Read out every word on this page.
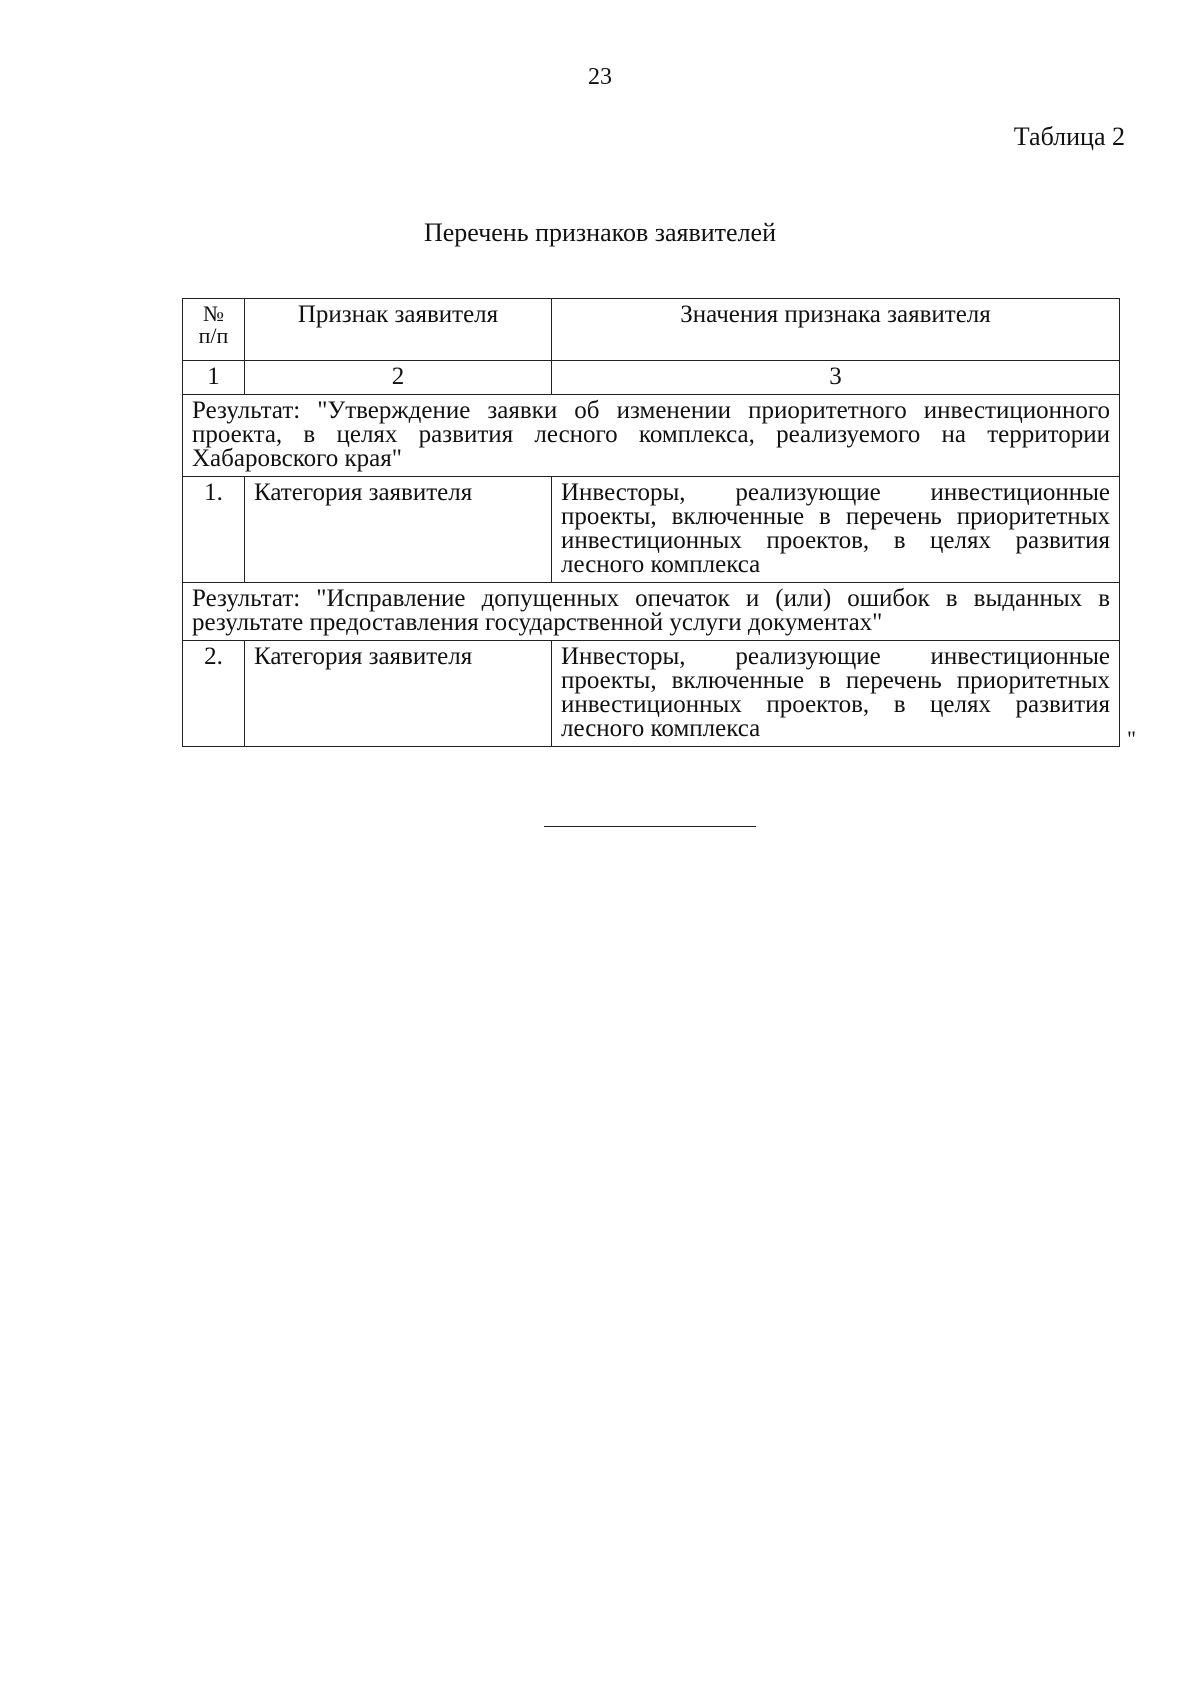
23
Таблица 2
Перечень признаков заявителей
№ п/п	Признак заявителя	Значения признака заявителя
1	2	3
Результат: "Утверждение заявки об изменении приоритетного инвестиционного проекта, в целях развития лесного комплекса, реализуемого на территории Хабаровского края"		
1.	Категория заявителя	Инвесторы, реализующие инвестиционные проекты, включенные в перечень приоритетных инвестиционных проектов, в целях развития лесного комплекса
Результат: "Исправление допущенных опечаток и (или) ошибок в выданных в результате предоставления государственной услуги документах"		
2.	Категория заявителя	Инвесторы, реализующие инвестиционные проекты, включенные в перечень приоритетных инвестиционных проектов, в целях развития лесного комплекса	"
